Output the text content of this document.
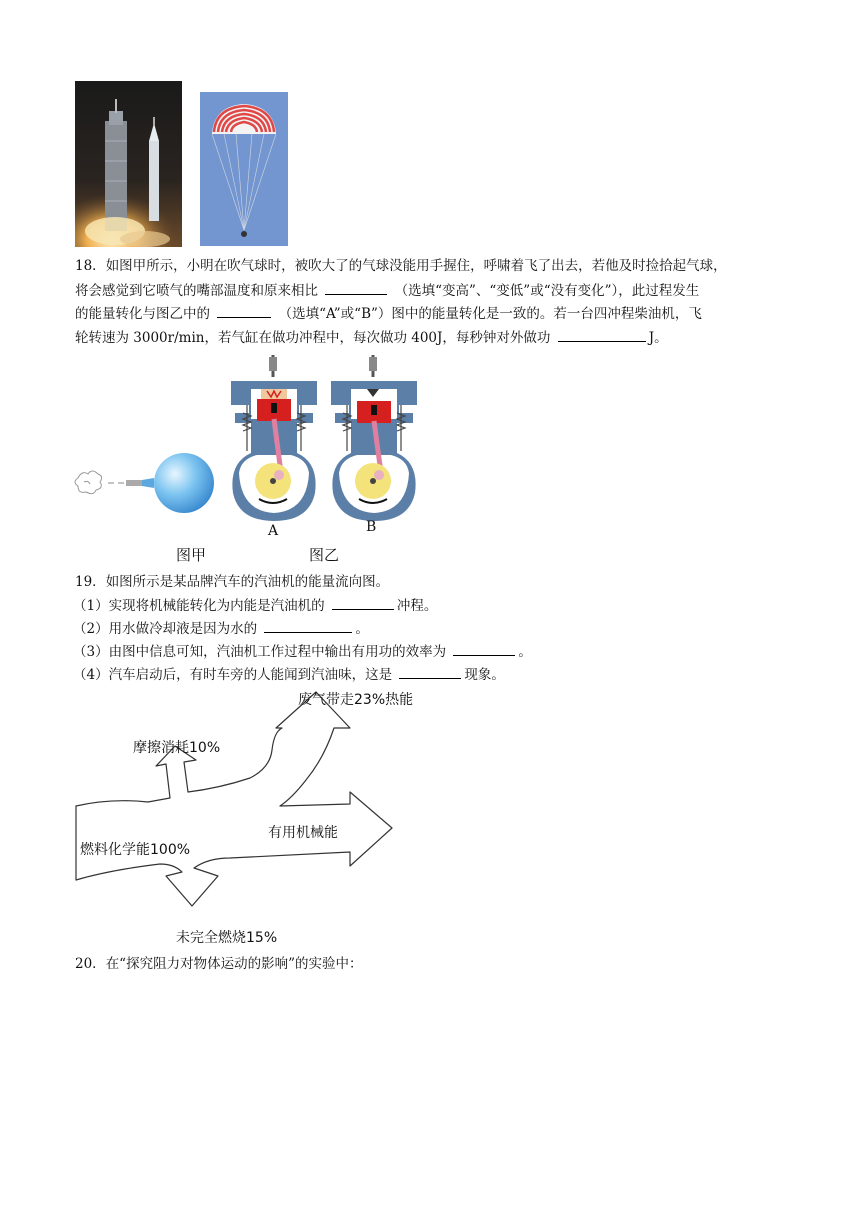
18．如图甲所示，小明在吹气球时，被吹大了的气球没能用手握住，呼啸着飞了出去，若他及时捡拾起气球，
将会感觉到它喷气的嘴部温度和原来相比	（选填“变高”、“变低”或“没有变化”），此过程发生
的能量转化与图乙中的	（选填“A”或“B”）图中的能量转化是一致的。若一台四冲程柴油机，飞
轮转速为 3000r/min，若气缸在做功冲程中，每次做功 400J，每秒钟对外做功	J。
A	B
图甲	图乙
19．如图所示是某品牌汽车的汽油机的能量流向图。
（1）实现将机械能转化为内能是汽油机的	冲程。
（2）用水做冷却液是因为水的	。
（3）由图中信息可知，汽油机工作过程中输出有用功的效率为	。
（4）汽车启动后，有时车旁的人能闻到汽油味，这是	现象。
废气带走23%热能
摩擦消耗10%
有用机械能
燃料化学能100%
未完全燃烧15%
20．在“探究阻力对物体运动的影响”的实验中：
